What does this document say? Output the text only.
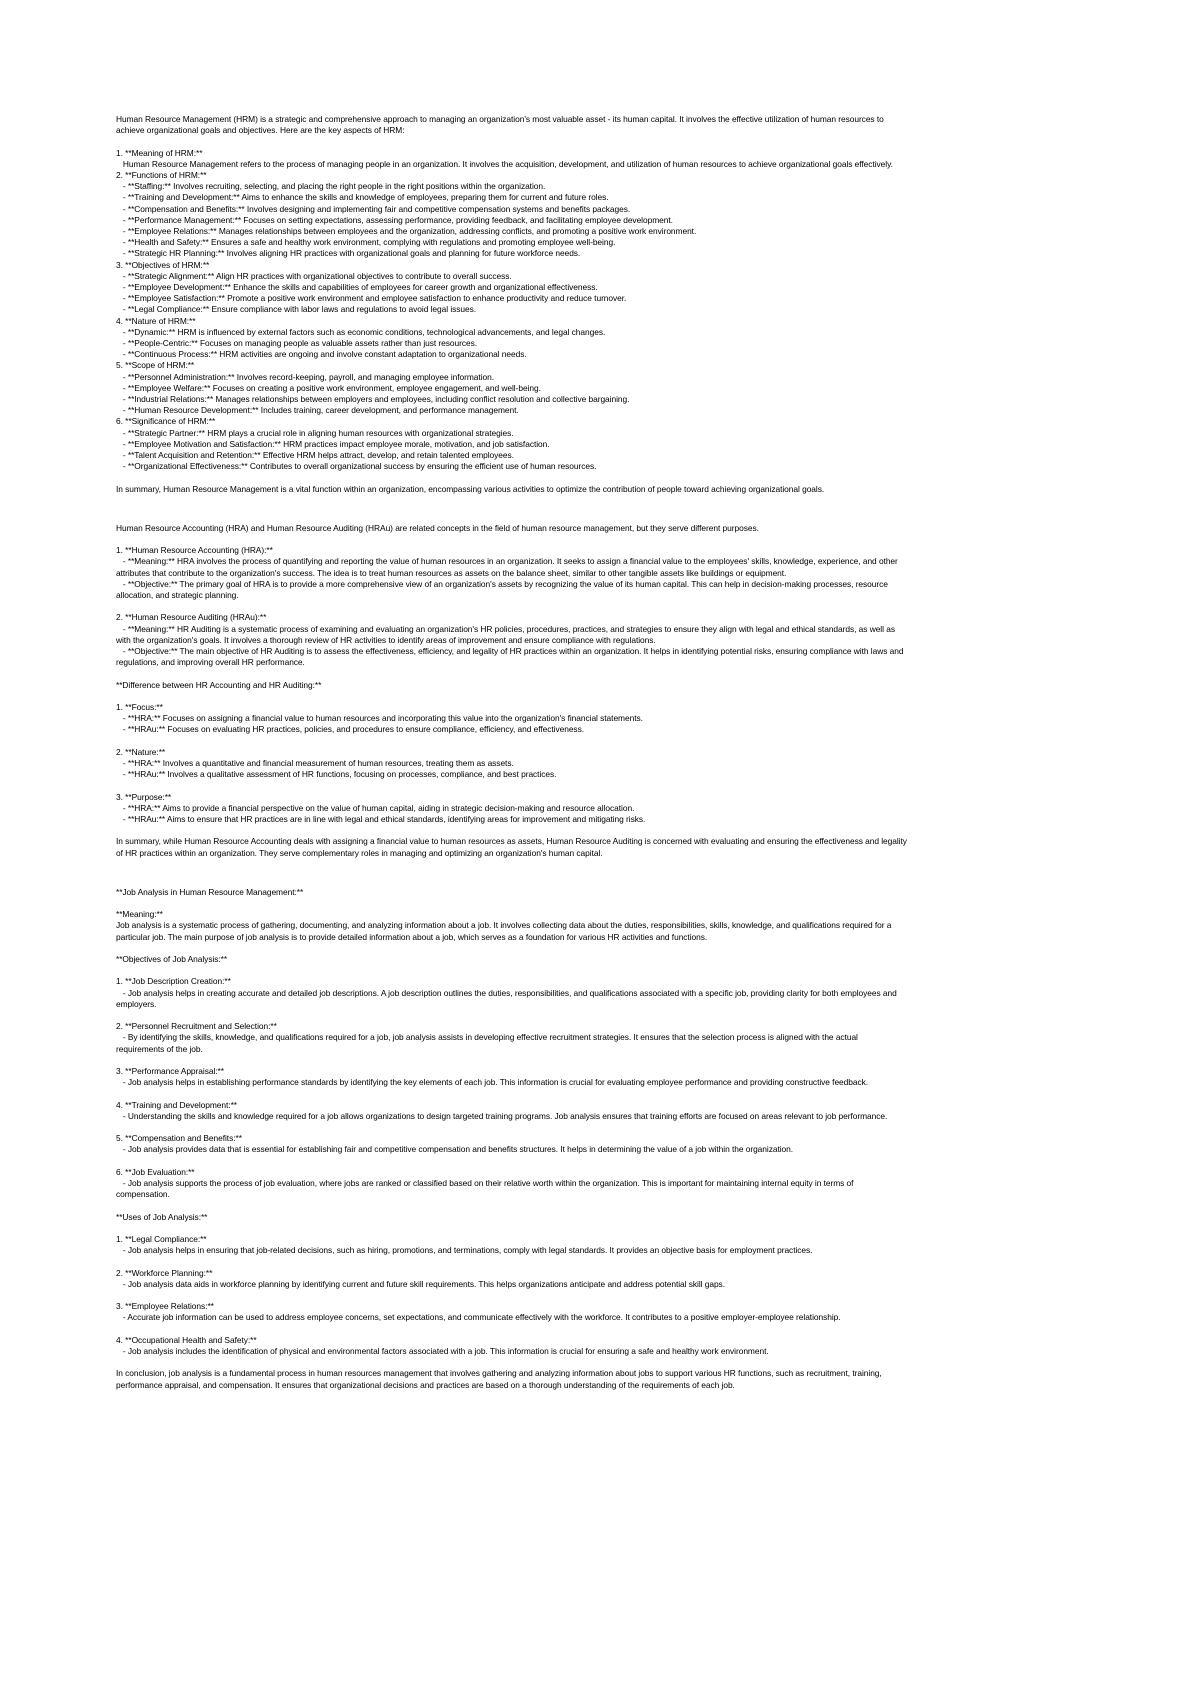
Human Resource Management (HRM) is a strategic and comprehensive approach to managing an organization's most valuable asset - its human capital. It involves the effective utilization of human resources to
achieve organizational goals and objectives. Here are the key aspects of HRM:
1. **Meaning of HRM:**
Human Resource Management refers to the process of managing people in an organization. It involves the acquisition, development, and utilization of human resources to achieve organizational goals effectively.
2. **Functions of HRM:**
- **Staffing:** Involves recruiting, selecting, and placing the right people in the right positions within the organization.
- **Training and Development:** Aims to enhance the skills and knowledge of employees, preparing them for current and future roles.
- **Compensation and Benefits:** Involves designing and implementing fair and competitive compensation systems and benefits packages.
- **Performance Management:** Focuses on setting expectations, assessing performance, providing feedback, and facilitating employee development.
- **Employee Relations:** Manages relationships between employees and the organization, addressing conflicts, and promoting a positive work environment.
- **Health and Safety:** Ensures a safe and healthy work environment, complying with regulations and promoting employee well-being.
- **Strategic HR Planning:** Involves aligning HR practices with organizational goals and planning for future workforce needs.
3. **Objectives of HRM:**
- **Strategic Alignment:** Align HR practices with organizational objectives to contribute to overall success.
- **Employee Development:** Enhance the skills and capabilities of employees for career growth and organizational effectiveness.
- **Employee Satisfaction:** Promote a positive work environment and employee satisfaction to enhance productivity and reduce turnover.
- **Legal Compliance:** Ensure compliance with labor laws and regulations to avoid legal issues.
4. **Nature of HRM:**
- **Dynamic:** HRM is influenced by external factors such as economic conditions, technological advancements, and legal changes.
- **People-Centric:** Focuses on managing people as valuable assets rather than just resources.
- **Continuous Process:** HRM activities are ongoing and involve constant adaptation to organizational needs.
5. **Scope of HRM:**
- **Personnel Administration:** Involves record-keeping, payroll, and managing employee information.
- **Employee Welfare:** Focuses on creating a positive work environment, employee engagement, and well-being.
- **Industrial Relations:** Manages relationships between employers and employees, including conflict resolution and collective bargaining.
- **Human Resource Development:** Includes training, career development, and performance management.
6. **Significance of HRM:**
- **Strategic Partner:** HRM plays a crucial role in aligning human resources with organizational strategies.
- **Employee Motivation and Satisfaction:** HRM practices impact employee morale, motivation, and job satisfaction.
- **Talent Acquisition and Retention:** Effective HRM helps attract, develop, and retain talented employees.
- **Organizational Effectiveness:** Contributes to overall organizational success by ensuring the efficient use of human resources.
In summary, Human Resource Management is a vital function within an organization, encompassing various activities to optimize the contribution of people toward achieving organizational goals.
Human Resource Accounting (HRA) and Human Resource Auditing (HRAu) are related concepts in the field of human resource management, but they serve different purposes.
1. **Human Resource Accounting (HRA):**
- **Meaning:** HRA involves the process of quantifying and reporting the value of human resources in an organization. It seeks to assign a financial value to the employees' skills, knowledge, experience, and other
attributes that contribute to the organization's success. The idea is to treat human resources as assets on the balance sheet, similar to other tangible assets like buildings or equipment.
- **Objective:** The primary goal of HRA is to provide a more comprehensive view of an organization's assets by recognizing the value of its human capital. This can help in decision-making processes, resource
allocation, and strategic planning.
2. **Human Resource Auditing (HRAu):**
- **Meaning:** HR Auditing is a systematic process of examining and evaluating an organization's HR policies, procedures, practices, and strategies to ensure they align with legal and ethical standards, as well as
with the organization's goals. It involves a thorough review of HR activities to identify areas of improvement and ensure compliance with regulations.
- **Objective:** The main objective of HR Auditing is to assess the effectiveness, efficiency, and legality of HR practices within an organization. It helps in identifying potential risks, ensuring compliance with laws and
regulations, and improving overall HR performance.
**Difference between HR Accounting and HR Auditing:**
1. **Focus:**
- **HRA:** Focuses on assigning a financial value to human resources and incorporating this value into the organization's financial statements.
- **HRAu:** Focuses on evaluating HR practices, policies, and procedures to ensure compliance, efficiency, and effectiveness.
2. **Nature:**
- **HRA:** Involves a quantitative and financial measurement of human resources, treating them as assets.
- **HRAu:** Involves a qualitative assessment of HR functions, focusing on processes, compliance, and best practices.
3. **Purpose:**
- **HRA:** Aims to provide a financial perspective on the value of human capital, aiding in strategic decision-making and resource allocation.
- **HRAu:** Aims to ensure that HR practices are in line with legal and ethical standards, identifying areas for improvement and mitigating risks.
In summary, while Human Resource Accounting deals with assigning a financial value to human resources as assets, Human Resource Auditing is concerned with evaluating and ensuring the effectiveness and legality
of HR practices within an organization. They serve complementary roles in managing and optimizing an organization's human capital.
**Job Analysis in Human Resource Management:**
**Meaning:**
Job analysis is a systematic process of gathering, documenting, and analyzing information about a job. It involves collecting data about the duties, responsibilities, skills, knowledge, and qualifications required for a
particular job. The main purpose of job analysis is to provide detailed information about a job, which serves as a foundation for various HR activities and functions.
**Objectives of Job Analysis:**
1. **Job Description Creation:**
- Job analysis helps in creating accurate and detailed job descriptions. A job description outlines the duties, responsibilities, and qualifications associated with a specific job, providing clarity for both employees and
employers.
2. **Personnel Recruitment and Selection:**
- By identifying the skills, knowledge, and qualifications required for a job, job analysis assists in developing effective recruitment strategies. It ensures that the selection process is aligned with the actual
requirements of the job.
3. **Performance Appraisal:**
- Job analysis helps in establishing performance standards by identifying the key elements of each job. This information is crucial for evaluating employee performance and providing constructive feedback.
4. **Training and Development:**
- Understanding the skills and knowledge required for a job allows organizations to design targeted training programs. Job analysis ensures that training efforts are focused on areas relevant to job performance.
5. **Compensation and Benefits:**
- Job analysis provides data that is essential for establishing fair and competitive compensation and benefits structures. It helps in determining the value of a job within the organization.
6. **Job Evaluation:**
- Job analysis supports the process of job evaluation, where jobs are ranked or classified based on their relative worth within the organization. This is important for maintaining internal equity in terms of
compensation.
**Uses of Job Analysis:**
1. **Legal Compliance:**
- Job analysis helps in ensuring that job-related decisions, such as hiring, promotions, and terminations, comply with legal standards. It provides an objective basis for employment practices.
2. **Workforce Planning:**
- Job analysis data aids in workforce planning by identifying current and future skill requirements. This helps organizations anticipate and address potential skill gaps.
3. **Employee Relations:**
- Accurate job information can be used to address employee concerns, set expectations, and communicate effectively with the workforce. It contributes to a positive employer-employee relationship.
4. **Occupational Health and Safety:**
- Job analysis includes the identification of physical and environmental factors associated with a job. This information is crucial for ensuring a safe and healthy work environment.
In conclusion, job analysis is a fundamental process in human resources management that involves gathering and analyzing information about jobs to support various HR functions, such as recruitment, training,
performance appraisal, and compensation. It ensures that organizational decisions and practices are based on a thorough understanding of the requirements of each job.
